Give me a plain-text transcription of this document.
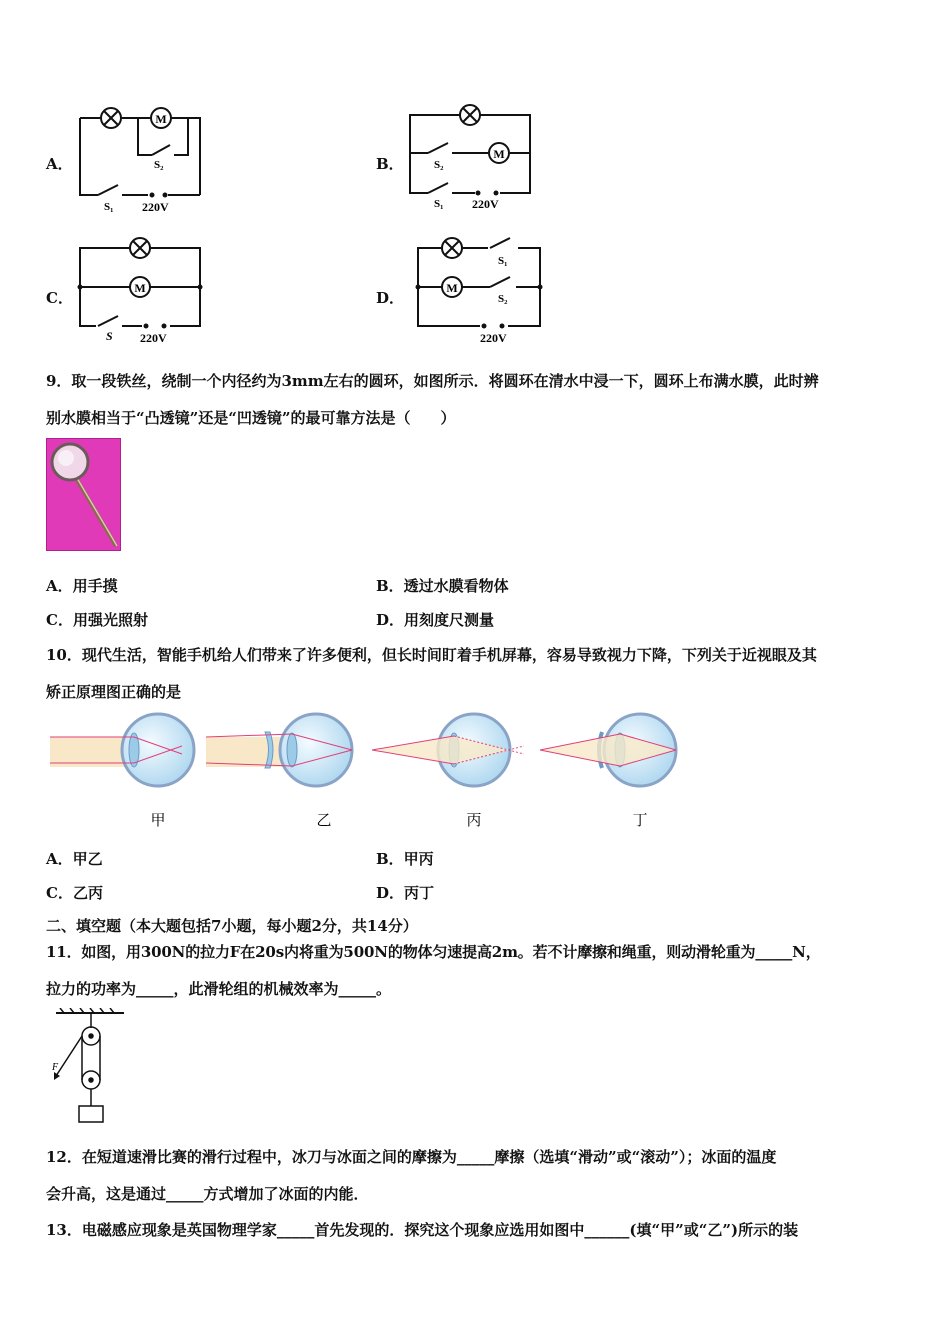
A．
M
S₂
S₁ 220V
B．
M
S₂
S₁ 220V
C．
M
S 220V
D．
M
S₁
S₂
220V
9．取一段铁丝，绕制一个内径约为3mm左右的圆环，如图所示．将圆环在清水中浸一下，圆环上布满水膜，此时辨
别水膜相当于“凸透镜”还是“凹透镜”的最可靠方法是（　　）
A．用手摸	B．透过水膜看物体
C．用强光照射	D．用刻度尺测量
10．现代生活，智能手机给人们带来了许多便利，但长时间盯着手机屏幕，容易导致视力下降，下列关于近视眼及其
矫正原理图正确的是
甲	乙	丙	丁
A．甲乙	B．甲丙
C．乙丙	D．丙丁
二、填空题（本大题包括7小题，每小题2分，共14分）
11．如图，用300N的拉力F在20s内将重为500N的物体匀速提高2m。若不计摩擦和绳重，则动滑轮重为_____N，
拉力的功率为_____，此滑轮组的机械效率为_____。
F
12．在短道速滑比赛的滑行过程中，冰刀与冰面之间的摩擦为_____摩擦（选填“滑动”或“滚动”）；冰面的温度
会升高，这是通过_____方式增加了冰面的内能．
13．电磁感应现象是英国物理学家_____首先发现的．探究这个现象应选用如图中______(填“甲”或“乙”)所示的装
